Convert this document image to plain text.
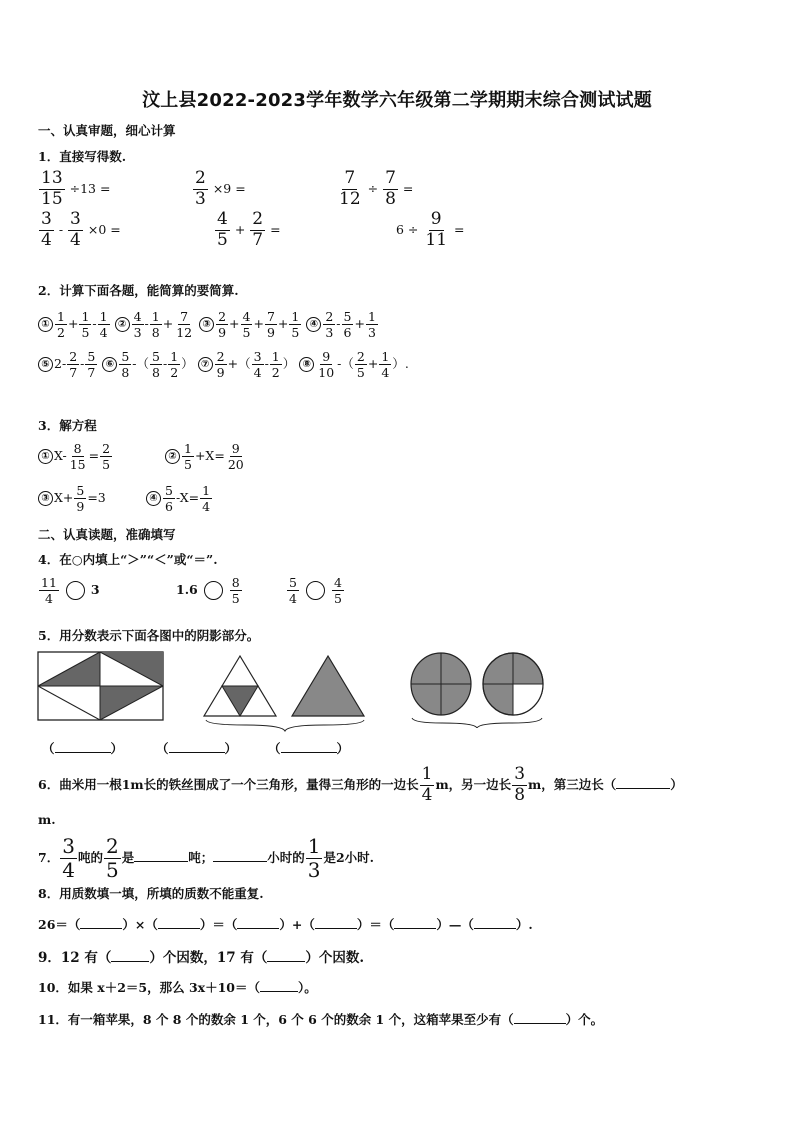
汶上县2022-2023学年数学六年级第二学期期末综合测试试题
一、认真审题，细心计算
1．直接写得数.
$\frac{13}{15} \div 13$ =	$\frac{2}{3} \times 9$ =	$\frac{7}{12} \div \frac{7}{8}$ =
$\frac{3}{4} - \frac{3}{4} \times 0$ =	$\frac{4}{5} + \frac{2}{7}$ =	$6 \div \frac{9}{11}$ =
2．计算下面各题，能简算的要简算.
① $\frac{1}{2} + \frac{1}{5} - \frac{1}{4}$ ② $\frac{4}{3} - \frac{1}{8} + \frac{7}{12}$ ③ $\frac{2}{9} + \frac{4}{5} + \frac{7}{9} + \frac{1}{5}$ ④ $\frac{2}{3} - \frac{5}{6} + \frac{1}{3}$
⑤ $2- \frac{2}{7} - \frac{5}{7}$ ⑥ $\frac{5}{8}$ -（ $\frac{5}{8} - \frac{1}{2}$ ） ⑦ $\frac{2}{9}$ +（ $\frac{3}{4} - \frac{1}{2}$ ） ⑧ $\frac{9}{10}$ -（ $\frac{2}{5} + \frac{1}{4}$ ）.
3．解方程
① $X- \frac{8}{15} = \frac{2}{5}$	② $\frac{1}{5} +X= \frac{9}{20}$
③ $X+ \frac{5}{9} =3$	④ $\frac{5}{6} -X= \frac{1}{4}$
二、认真读题，准确填写
4．在○内填上“＞”“＜”或“＝”.
$\frac{11}{4}$	3	1.6	$\frac{8}{5}$	$\frac{5}{4}$	$\frac{4}{5}$
5．用分数表示下面各图中的阴影部分。
（	）	（	） （	）
6．曲米用一根1m长的铁丝围成了一个三角形，量得三角形的一边长 $\frac{1}{4}$ m，另一边长 $\frac{3}{8}$ m，第三边长（	）
m.
7． $\frac{3}{4}$ 吨的 $\frac{2}{5}$ 是	吨；	小时的 $\frac{1}{3}$ 是2小时.
8．用质数填一填，所填的质数不能重复.
26＝（	）×（	）＝（	）+（	）＝（	）—（	）.
9．12 有（	）个因数，17 有（	）个因数.
10．如果 x＋2＝5，那么 3x＋10＝（	）。
11．有一箱苹果，8 个 8 个的数余 1 个，6 个 6 个的数余 1 个，这箱苹果至少有（	）个。
